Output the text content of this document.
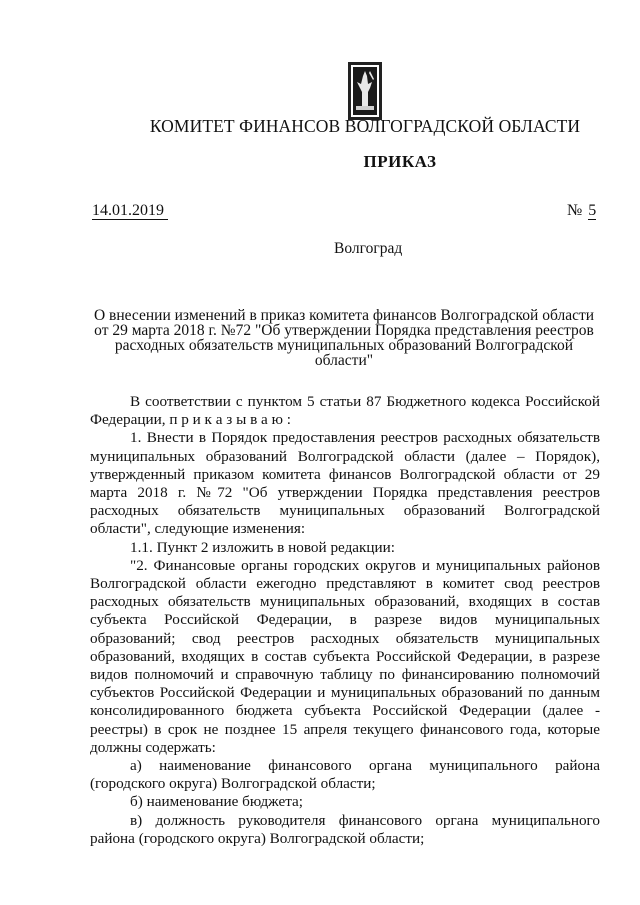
КОМИТЕТ ФИНАНСОВ ВОЛГОГРАДСКОЙ ОБЛАСТИ
ПРИКАЗ
14.01.2019	№ 5
Волгоград
О внесении изменений в приказ комитета финансов Волгоградской области от 29 марта 2018 г. №72 "Об утверждении Порядка представления реестров расходных обязательств муниципальных образований Волгоградской области"

В соответствии с пунктом 5 статьи 87 Бюджетного кодекса Российской Федерации, п р и к а з ы в а ю :

1. Внести в Порядок предоставления реестров расходных обязательств муниципальных образований Волгоградской области (далее – Порядок), утвержденный приказом комитета финансов Волгоградской области от 29 марта 2018 г. №72 "Об утверждении Порядка представления реестров расходных обязательств муниципальных образований Волгоградской области", следующие изменения:

1.1. Пункт 2 изложить в новой редакции:

"2. Финансовые органы городских округов и муниципальных районов Волгоградской области ежегодно представляют в комитет свод реестров расходных обязательств муниципальных образований, входящих в состав субъекта Российской Федерации, в разрезе видов муниципальных образований; свод реестров расходных обязательств муниципальных образований, входящих в состав субъекта Российской Федерации, в разрезе видов полномочий и справочную таблицу по финансированию полномочий субъектов Российской Федерации и муниципальных образований по данным консолидированного бюджета субъекта Российской Федерации (далее - реестры) в срок не позднее 15 апреля текущего финансового года, которые должны содержать:

а) наименование финансового органа муниципального района (городского округа) Волгоградской области;

б) наименование бюджета;

в) должность руководителя финансового органа муниципального района (городского округа) Волгоградской области;
